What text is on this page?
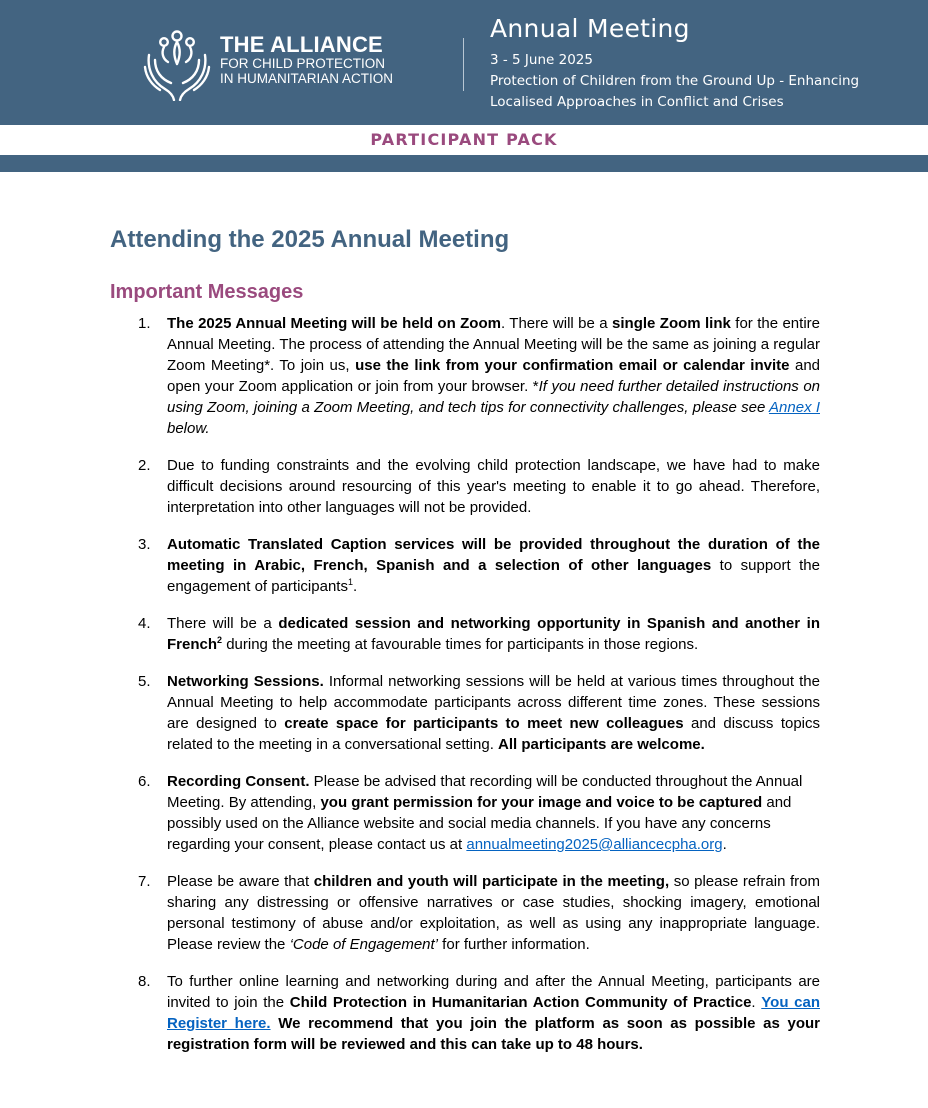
THE ALLIANCE
FOR CHILD PROTECTION
IN HUMANITARIAN ACTION
Annual Meeting
3 - 5 June 2025
Protection of Children from the Ground Up - Enhancing
Localised Approaches in Conflict and Crises
PARTICIPANT PACK
Attending the 2025 Annual Meeting
Important Messages
1. The 2025 Annual Meeting will be held on Zoom. There will be a single Zoom link for the entire Annual Meeting. The process of attending the Annual Meeting will be the same as joining a regular Zoom Meeting*. To join us, use the link from your confirmation email or calendar invite and open your Zoom application or join from your browser. *If you need further detailed instructions on using Zoom, joining a Zoom Meeting, and tech tips for connectivity challenges, please see Annex I below.
2. Due to funding constraints and the evolving child protection landscape, we have had to make difficult decisions around resourcing of this year's meeting to enable it to go ahead. Therefore, interpretation into other languages will not be provided.
3. Automatic Translated Caption services will be provided throughout the duration of the meeting in Arabic, French, Spanish and a selection of other languages to support the engagement of participants$^1$.
4. There will be a dedicated session and networking opportunity in Spanish and another in French$^2$ during the meeting at favourable times for participants in those regions.
5. Networking Sessions. Informal networking sessions will be held at various times throughout the Annual Meeting to help accommodate participants across different time zones. These sessions are designed to create space for participants to meet new colleagues and discuss topics related to the meeting in a conversational setting. All participants are welcome.
6. Recording Consent. Please be advised that recording will be conducted throughout the Annual Meeting. By attending, you grant permission for your image and voice to be captured and possibly used on the Alliance website and social media channels. If you have any concerns regarding your consent, please contact us at annualmeeting2025@alliancecpha.org.
7. Please be aware that children and youth will participate in the meeting, so please refrain from sharing any distressing or offensive narratives or case studies, shocking imagery, emotional personal testimony of abuse and/or exploitation, as well as using any inappropriate language. Please review the ‘Code of Engagement’ for further information.
8. To further online learning and networking during and after the Annual Meeting, participants are invited to join the Child Protection in Humanitarian Action Community of Practice. You can Register here. We recommend that you join the platform as soon as possible as your registration form will be reviewed and this can take up to 48 hours.
